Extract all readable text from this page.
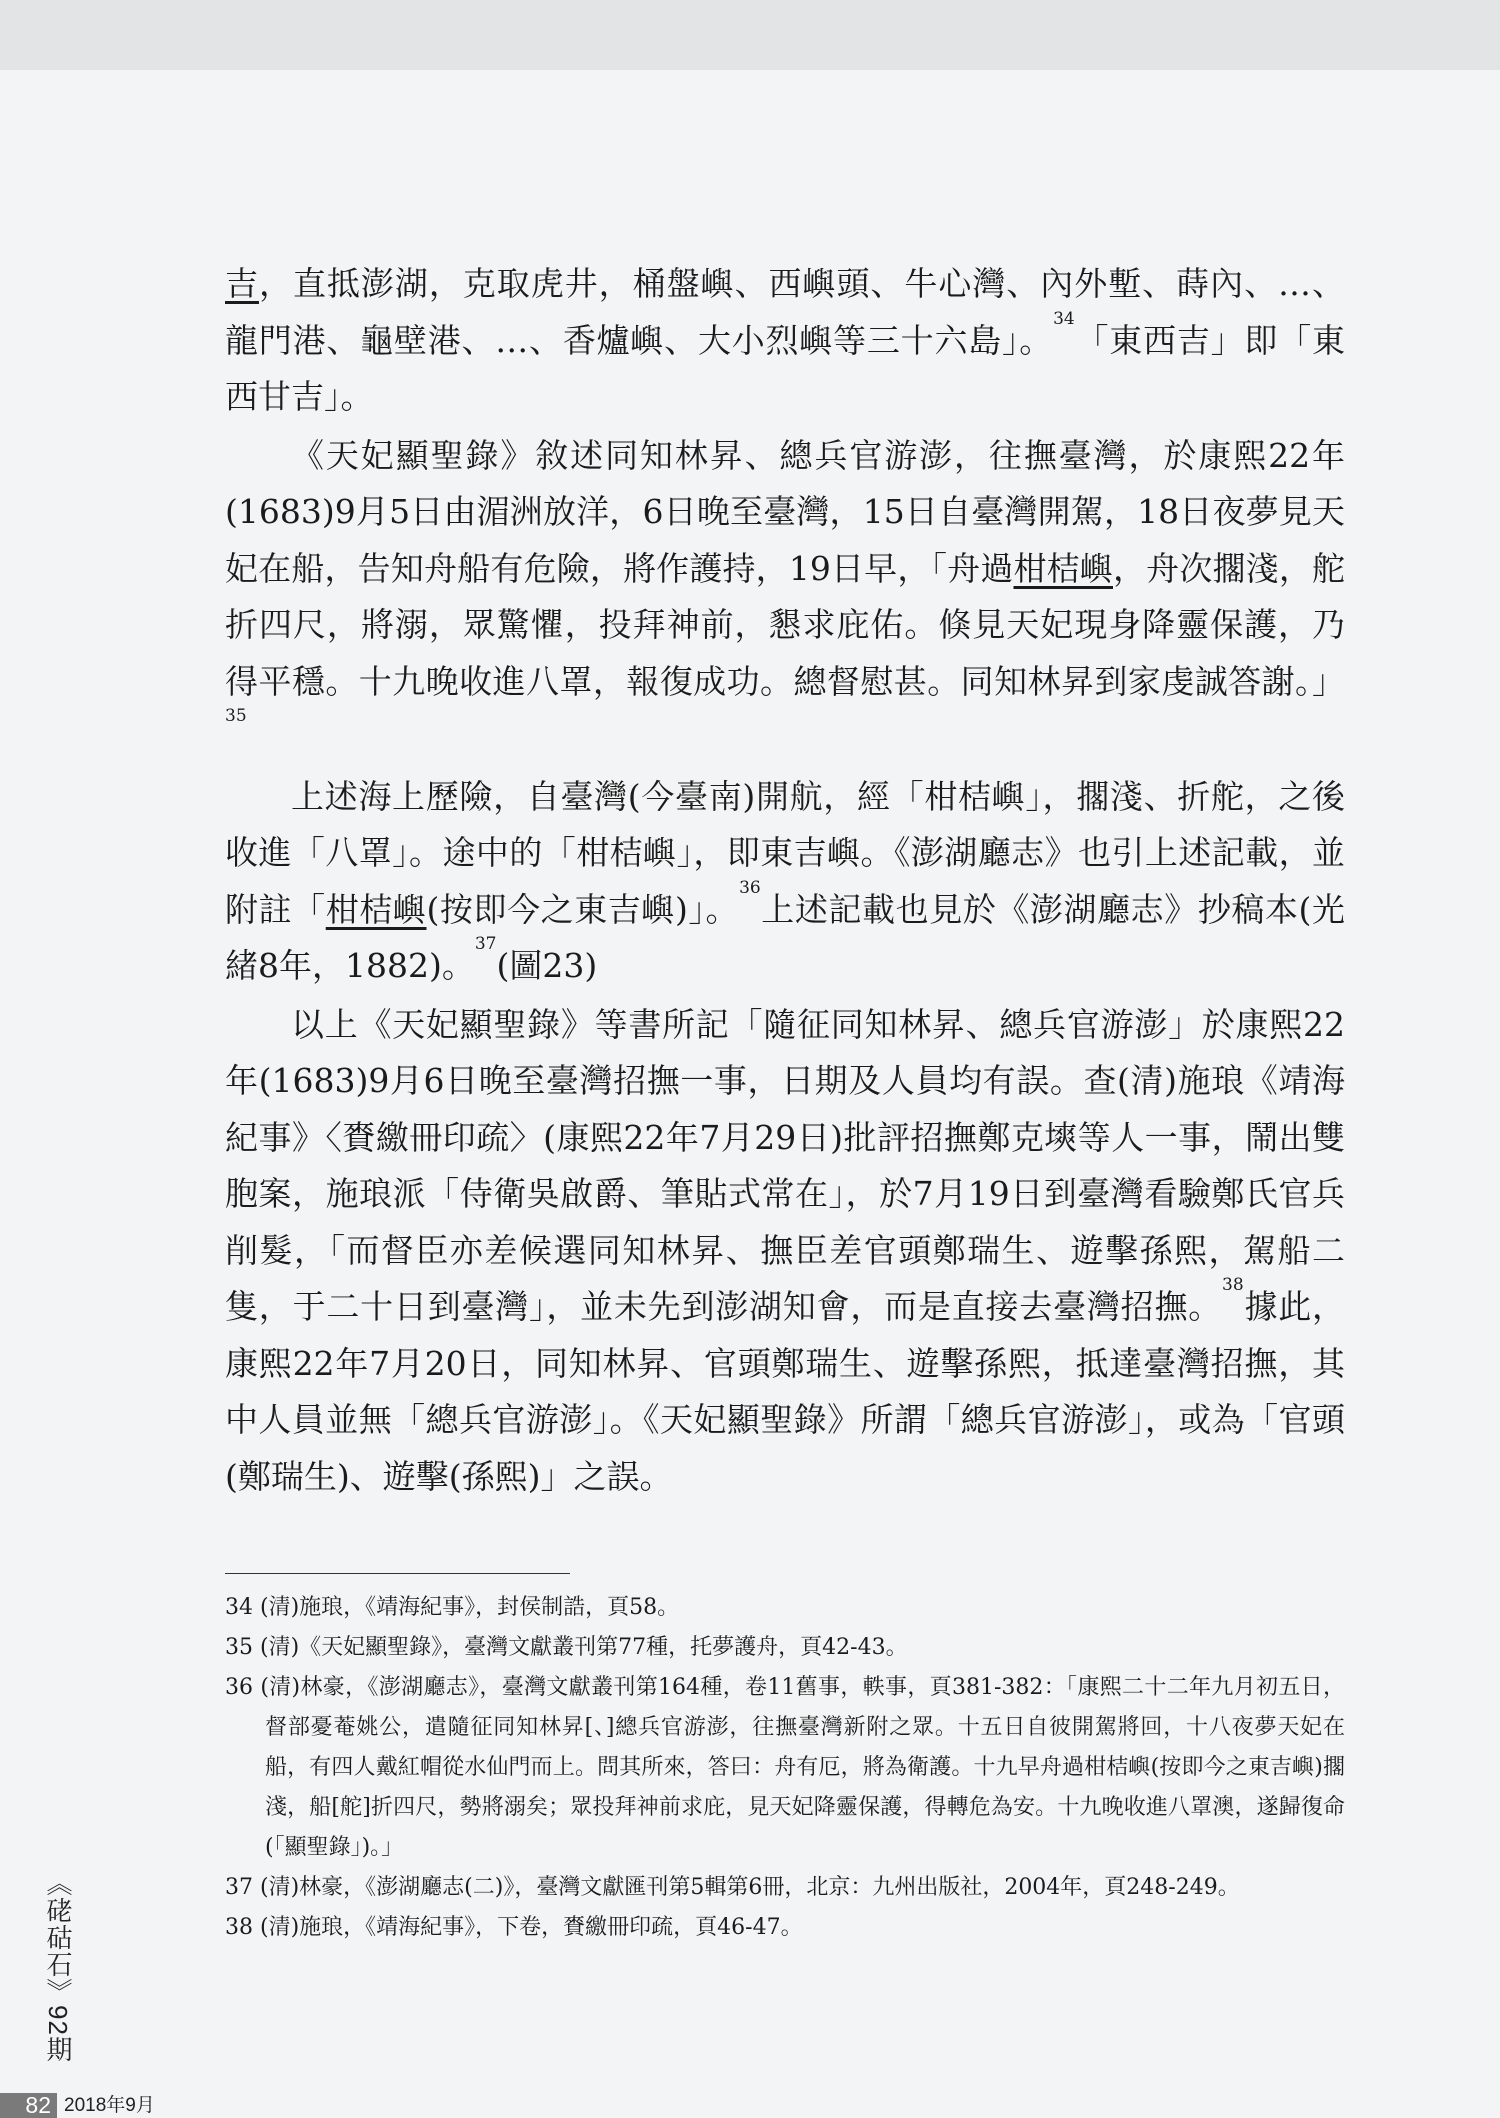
吉，直抵澎湖，克取虎井，桶盤嶼、西嶼頭、牛心灣、內外塹、蒔內、…、龍門港、龜壁港、…、香爐嶼、大小烈嶼等三十六島」。$^{34}$「東西吉」即「東西甘吉」。

《天妃顯聖錄》敘述同知林昇、總兵官游澎，往撫臺灣，於康熙22年(1683)9月5日由湄洲放洋，6日晚至臺灣，15日自臺灣開駕，18日夜夢見天妃在船，告知舟船有危險，將作護持，19日早，「舟過柑桔嶼，舟次擱淺，舵折四尺，將溺，眾驚懼，投拜神前，懇求庇佑。倏見天妃現身降靈保護，乃得平穩。十九晚收進八罩，報復成功。總督慰甚。同知林昇到家虔誠答謝。」$^{35}$

上述海上歷險，自臺灣(今臺南)開航，經「柑桔嶼」，擱淺、折舵，之後收進「八罩」。途中的「柑桔嶼」，即東吉嶼。《澎湖廳志》也引上述記載，並附註「柑桔嶼(按即今之東吉嶼)」。$^{36}$上述記載也見於《澎湖廳志》抄稿本(光緒8年，1882)。$^{37}$(圖23)

以上《天妃顯聖錄》等書所記「隨征同知林昇、總兵官游澎」於康熙22年(1683)9月6日晚至臺灣招撫一事，日期及人員均有誤。查(清)施琅《靖海紀事》〈賚繳冊印疏〉(康熙22年7月29日)批評招撫鄭克塽等人一事，鬧出雙胞案，施琅派「侍衛吳啟爵、筆貼式常在」，於7月19日到臺灣看驗鄭氏官兵削髮，「而督臣亦差候選同知林昇、撫臣差官頭鄭瑞生、遊擊孫熙，駕船二隻，于二十日到臺灣」，並未先到澎湖知會，而是直接去臺灣招撫。$^{38}$據此，康熙22年7月20日，同知林昇、官頭鄭瑞生、遊擊孫熙，抵達臺灣招撫，其中人員並無「總兵官游澎」。《天妃顯聖錄》所謂「總兵官游澎」，或為「官頭(鄭瑞生)、遊擊(孫熙)」之誤。

34 (清)施琅，《靖海紀事》，封侯制誥，頁58。
35 (清)《天妃顯聖錄》，臺灣文獻叢刊第77種，托夢護舟，頁42-43。
36 (清)林豪，《澎湖廳志》，臺灣文獻叢刊第164種，卷11舊事，軼事，頁381-382：「康熙二十二年九月初五日，督部憂菴姚公，遣隨征同知林昇[、]總兵官游澎，往撫臺灣新附之眾。十五日自彼開駕將回，十八夜夢天妃在船，有四人戴紅帽從水仙門而上。問其所來，答曰：舟有厄，將為衛護。十九早舟過柑桔嶼(按即今之東吉嶼)擱淺，船[舵]折四尺，勢將溺矣；眾投拜神前求庇，見天妃降靈保護，得轉危為安。十九晚收進八罩澳，遂歸復命(「顯聖錄」)。」
37 (清)林豪，《澎湖廳志(二)》，臺灣文獻匯刊第5輯第6冊，北京：九州出版社，2004年，頁248-249。
38 (清)施琅，《靖海紀事》，下卷，賚繳冊印疏，頁46-47。
《硓𥑮石》92期
82 2018年9月
